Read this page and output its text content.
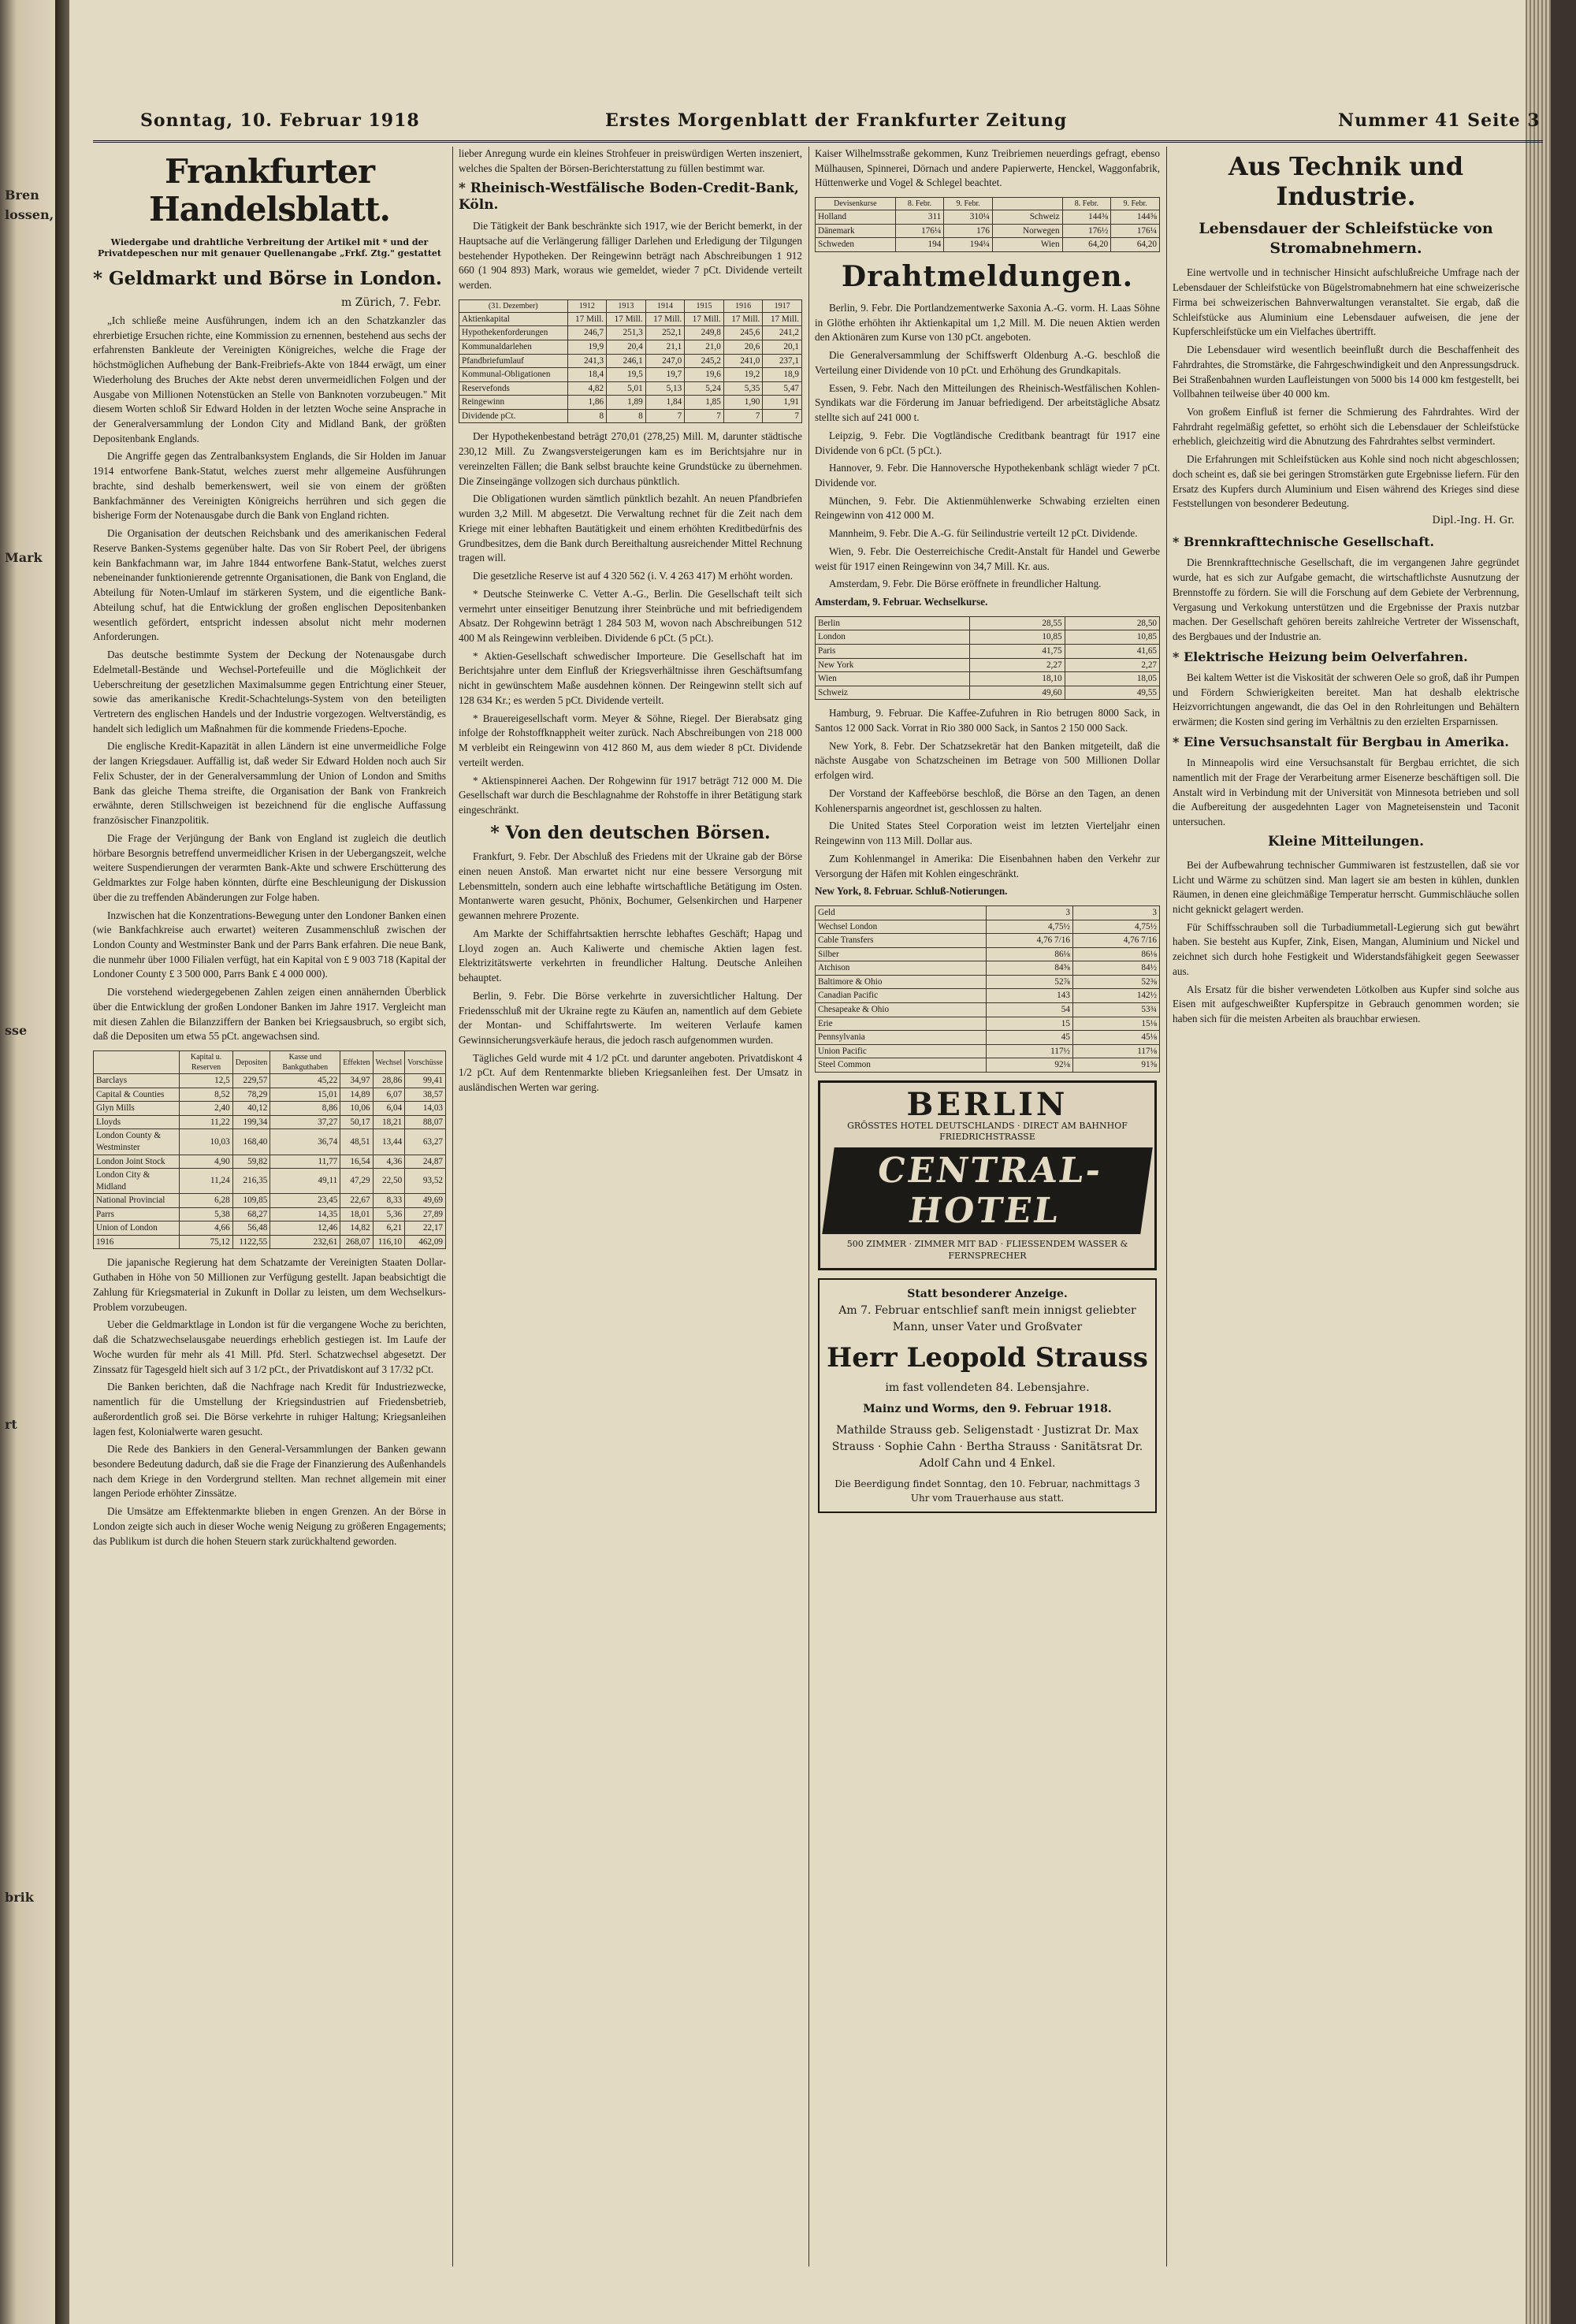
Bren
lossen,
Mark
sse
rt
brik
Sonntag, 10. Februar 1918	Erstes Morgenblatt der Frankfurter Zeitung	Nummer 41 Seite 3
Frankfurter Handelsblatt.
Wiedergabe und drahtliche Verbreitung der Artikel mit * und der Privatdepeschen nur mit genauer Quellenangabe „Frkf. Ztg." gestattet
* Geldmarkt und Börse in London.
m Zürich, 7. Febr.

„Ich schließe meine Ausführungen, indem ich an den Schatzkanzler das ehrerbietige Ersuchen richte, eine Kommission zu ernennen, bestehend aus sechs der erfahrensten Bankleute der Vereinigten Königreiches, welche die Frage der höchstmöglichen Aufhebung der Bank-Freibriefs-Akte von 1844 erwägt, um einer Wiederholung des Bruches der Akte nebst deren unvermeidlichen Folgen und der Ausgabe von Millionen Notenstücken an Stelle von Banknoten vorzubeugen." Mit diesem Worten schloß Sir Edward Holden in der letzten Woche seine Ansprache in der Generalversammlung der London City and Midland Bank, der größten Depositenbank Englands.

Die Angriffe gegen das Zentralbanksystem Englands, die Sir Holden im Januar 1914 entworfene Bank-Statut, welches zuerst mehr allgemeine Ausführungen brachte, sind deshalb bemerkenswert, weil sie von einem der größten Bankfachmänner des Vereinigten Königreichs herrühren und sich gegen die bisherige Form der Notenausgabe durch die Bank von England richten.

Die Organisation der deutschen Reichsbank und des amerikanischen Federal Reserve Banken-Systems gegenüber halte. Das von Sir Robert Peel, der übrigens kein Bankfachmann war, im Jahre 1844 entworfene Bank-Statut, welches zuerst nebeneinander funktionierende getrennte Organisationen, die Bank von England, die Abteilung für Noten-Umlauf im stärkeren System, und die eigentliche Bank-Abteilung schuf, hat die Entwicklung der großen englischen Depositenbanken wesentlich gefördert, entspricht indessen absolut nicht mehr modernen Anforderungen.

Das deutsche bestimmte System der Deckung der Notenausgabe durch Edelmetall-Bestände und Wechsel-Portefeuille und die Möglichkeit der Ueberschreitung der gesetzlichen Maximalsumme gegen Entrichtung einer Steuer, sowie das amerikanische Kredit-Schachtelungs-System von den beteiligten Vertretern des englischen Handels und der Industrie vorgezogen. Weltverständig, es handelt sich lediglich um Maßnahmen für die kommende Friedens-Epoche.

Die englische Kredit-Kapazität in allen Ländern ist eine unvermeidliche Folge der langen Kriegsdauer. Auffällig ist, daß weder Sir Edward Holden noch auch Sir Felix Schuster, der in der Generalversammlung der Union of London and Smiths Bank das gleiche Thema streifte, die Organisation der Bank von Frankreich erwähnte, deren Stillschweigen ist bezeichnend für die englische Auffassung französischer Finanzpolitik.

Die Frage der Verjüngung der Bank von England ist zugleich die deutlich hörbare Besorgnis betreffend unvermeidlicher Krisen in der Uebergangszeit, welche weitere Suspendierungen der verarmten Bank-Akte und schwere Erschütterung des Geldmarktes zur Folge haben könnten, dürfte eine Beschleunigung der Diskussion über die zu treffenden Abänderungen zur Folge haben.

Inzwischen hat die Konzentrations-Bewegung unter den Londoner Banken einen (wie Bankfachkreise auch erwartet) weiteren Zusammenschluß zwischen der London County and Westminster Bank und der Parrs Bank erfahren. Die neue Bank, die nunmehr über 1000 Filialen verfügt, hat ein Kapital von £ 9 003 718 (Kapital der Londoner County £ 3 500 000, Parrs Bank £ 4 000 000).

Die vorstehend wiedergegebenen Zahlen zeigen einen annähernden Überblick über die Entwicklung der großen Londoner Banken im Jahre 1917. Vergleicht man mit diesen Zahlen die Bilanzziffern der Banken bei Kriegsausbruch, so ergibt sich, daß die Depositen um etwa 55 pCt. angewachsen sind.

	Kapital u. Reserven	Depositen	Kasse und Bankguthaben	Effekten	Wechsel	Vorschüsse
Barclays	12,5	229,57	45,22	34,97	28,86	99,41
Capital & Counties	8,52	78,29	15,01	14,89	6,07	38,57
Glyn Mills	2,40	40,12	8,86	10,06	6,04	14,03
Lloyds	11,22	199,34	37,27	50,17	18,21	88,07
London County & Westminster	10,03	168,40	36,74	48,51	13,44	63,27
London Joint Stock	4,90	59,82	11,77	16,54	4,36	24,87
London City & Midland	11,24	216,35	49,11	47,29	22,50	93,52
National Provincial	6,28	109,85	23,45	22,67	8,33	49,69
Parrs	5,38	68,27	14,35	18,01	5,36	27,89
Union of London	4,66	56,48	12,46	14,82	6,21	22,17
1916	75,12	1122,55	232,61	268,07	116,10	462,09

Die japanische Regierung hat dem Schatzamte der Vereinigten Staaten Dollar-Guthaben in Höhe von 50 Millionen zur Verfügung gestellt. Japan beabsichtigt die Zahlung für Kriegsmaterial in Zukunft in Dollar zu leisten, um dem Wechselkurs-Problem vorzubeugen.

Ueber die Geldmarktlage in London ist für die vergangene Woche zu berichten, daß die Schatzwechselausgabe neuerdings erheblich gestiegen ist. Im Laufe der Woche wurden für mehr als 41 Mill. Pfd. Sterl. Schatzwechsel abgesetzt. Der Zinssatz für Tagesgeld hielt sich auf 3 1/2 pCt., der Privatdiskont auf 3 17/32 pCt.

Die Banken berichten, daß die Nachfrage nach Kredit für Industriezwecke, namentlich für die Umstellung der Kriegsindustrien auf Friedensbetrieb, außerordentlich groß sei. Die Börse verkehrte in ruhiger Haltung; Kriegsanleihen lagen fest, Kolonialwerte waren gesucht.

Die Rede des Bankiers in den General-Versammlungen der Banken gewann besondere Bedeutung dadurch, daß sie die Frage der Finanzierung des Außenhandels nach dem Kriege in den Vordergrund stellten. Man rechnet allgemein mit einer langen Periode erhöhter Zinssätze.

Die Umsätze am Effektenmarkte blieben in engen Grenzen. An der Börse in London zeigte sich auch in dieser Woche wenig Neigung zu größeren Engagements; das Publikum ist durch die hohen Steuern stark zurückhaltend geworden.

lieber Anregung wurde ein kleines Strohfeuer in preiswürdigen Werten inszeniert, welches die Spalten der Börsen-Berichterstattung zu füllen bestimmt war.

* Rheinisch-Westfälische Boden-Credit-Bank, Köln.

Die Tätigkeit der Bank beschränkte sich 1917, wie der Bericht bemerkt, in der Hauptsache auf die Verlängerung fälliger Darlehen und Erledigung der Tilgungen bestehender Hypotheken. Der Reingewinn beträgt nach Abschreibungen 1 912 660 (1 904 893) Mark, woraus wie gemeldet, wieder 7 pCt. Dividende verteilt werden.

(31. Dezember)	1912	1913	1914	1915	1916	1917
Aktienkapital	17 Mill.	17 Mill.	17 Mill.	17 Mill.	17 Mill.	17 Mill.
Hypothekenforderungen	246,7	251,3	252,1	249,8	245,6	241,2
Kommunaldarlehen	19,9	20,4	21,1	21,0	20,6	20,1
Pfandbriefumlauf	241,3	246,1	247,0	245,2	241,0	237,1
Kommunal-Obligationen	18,4	19,5	19,7	19,6	19,2	18,9
Reservefonds	4,82	5,01	5,13	5,24	5,35	5,47
Reingewinn	1,86	1,89	1,84	1,85	1,90	1,91
Dividende pCt.	8	8	7	7	7	7

Der Hypothekenbestand beträgt 270,01 (278,25) Mill. M, darunter städtische 230,12 Mill. Zu Zwangsversteigerungen kam es im Berichtsjahre nur in vereinzelten Fällen; die Bank selbst brauchte keine Grundstücke zu übernehmen. Die Zinseingänge vollzogen sich durchaus pünktlich.

Die Obligationen wurden sämtlich pünktlich bezahlt. An neuen Pfandbriefen wurden 3,2 Mill. M abgesetzt. Die Verwaltung rechnet für die Zeit nach dem Kriege mit einer lebhaften Bautätigkeit und einem erhöhten Kreditbedürfnis des Grundbesitzes, dem die Bank durch Bereithaltung ausreichender Mittel Rechnung tragen will.

Die gesetzliche Reserve ist auf 4 320 562 (i. V. 4 263 417) M erhöht worden.

* Deutsche Steinwerke C. Vetter A.-G., Berlin. Die Gesellschaft teilt sich vermehrt unter einseitiger Benutzung ihrer Steinbrüche und mit befriedigendem Absatz. Der Rohgewinn beträgt 1 284 503 M, wovon nach Abschreibungen 512 400 M als Reingewinn verbleiben. Dividende 6 pCt. (5 pCt.).

* Aktien-Gesellschaft schwedischer Importeure. Die Gesellschaft hat im Berichtsjahre unter dem Einfluß der Kriegsverhältnisse ihren Geschäftsumfang nicht in gewünschtem Maße ausdehnen können. Der Reingewinn stellt sich auf 128 634 Kr.; es werden 5 pCt. Dividende verteilt.

* Brauereigesellschaft vorm. Meyer & Söhne, Riegel. Der Bierabsatz ging infolge der Rohstoffknappheit weiter zurück. Nach Abschreibungen von 218 000 M verbleibt ein Reingewinn von 412 860 M, aus dem wieder 8 pCt. Dividende verteilt werden.

* Aktienspinnerei Aachen. Der Rohgewinn für 1917 beträgt 712 000 M. Die Gesellschaft war durch die Beschlagnahme der Rohstoffe in ihrer Betätigung stark eingeschränkt.

* Von den deutschen Börsen.

Frankfurt, 9. Febr. Der Abschluß des Friedens mit der Ukraine gab der Börse einen neuen Anstoß. Man erwartet nicht nur eine bessere Versorgung mit Lebensmitteln, sondern auch eine lebhafte wirtschaftliche Betätigung im Osten. Montanwerte waren gesucht, Phönix, Bochumer, Gelsenkirchen und Harpener gewannen mehrere Prozente.

Am Markte der Schiffahrtsaktien herrschte lebhaftes Geschäft; Hapag und Lloyd zogen an. Auch Kaliwerte und chemische Aktien lagen fest. Elektrizitätswerte verkehrten in freundlicher Haltung. Deutsche Anleihen behauptet.

Berlin, 9. Febr. Die Börse verkehrte in zuversichtlicher Haltung. Der Friedensschluß mit der Ukraine regte zu Käufen an, namentlich auf dem Gebiete der Montan- und Schiffahrtswerte. Im weiteren Verlaufe kamen Gewinnsicherungsverkäufe heraus, die jedoch rasch aufgenommen wurden.

Tägliches Geld wurde mit 4 1/2 pCt. und darunter angeboten. Privatdiskont 4 1/2 pCt. Auf dem Rentenmarkte blieben Kriegsanleihen fest. Der Umsatz in ausländischen Werten war gering.

Kaiser Wilhelmsstraße gekommen, Kunz Treibriemen neuerdings gefragt, ebenso Mülhausen, Spinnerei, Dörnach und andere Papierwerte, Henckel, Waggonfabrik, Hüttenwerke und Vogel & Schlegel beachtet.

Devisenkurse	8. Febr.	9. Febr.		8. Febr.	9. Febr.
Holland	311	310¼	Schweiz	144⅜	144⅝
Dänemark	176¼	176	Norwegen	176½	176¼
Schweden	194	194¼	Wien	64,20	64,20
Drahtmeldungen.

Berlin, 9. Febr. Die Portlandzementwerke Saxonia A.-G. vorm. H. Laas Söhne in Glöthe erhöhten ihr Aktienkapital um 1,2 Mill. M. Die neuen Aktien werden den Aktionären zum Kurse von 130 pCt. angeboten.

Die Generalversammlung der Schiffswerft Oldenburg A.-G. beschloß die Verteilung einer Dividende von 10 pCt. und Erhöhung des Grundkapitals.

Essen, 9. Febr. Nach den Mitteilungen des Rheinisch-Westfälischen Kohlen-Syndikats war die Förderung im Januar befriedigend. Der arbeitstägliche Absatz stellte sich auf 241 000 t.

Leipzig, 9. Febr. Die Vogtländische Creditbank beantragt für 1917 eine Dividende von 6 pCt. (5 pCt.).

Hannover, 9. Febr. Die Hannoversche Hypothekenbank schlägt wieder 7 pCt. Dividende vor.

München, 9. Febr. Die Aktienmühlenwerke Schwabing erzielten einen Reingewinn von 412 000 M.

Mannheim, 9. Febr. Die A.-G. für Seilindustrie verteilt 12 pCt. Dividende.

Wien, 9. Febr. Die Oesterreichische Credit-Anstalt für Handel und Gewerbe weist für 1917 einen Reingewinn von 34,7 Mill. Kr. aus.

Amsterdam, 9. Febr. Die Börse eröffnete in freundlicher Haltung.

Amsterdam, 9. Februar. Wechselkurse.

Berlin	28,55	28,50
London	10,85	10,85
Paris	41,75	41,65
New York	2,27	2,27
Wien	18,10	18,05
Schweiz	49,60	49,55

Hamburg, 9. Februar. Die Kaffee-Zufuhren in Rio betrugen 8000 Sack, in Santos 12 000 Sack. Vorrat in Rio 380 000 Sack, in Santos 2 150 000 Sack.

New York, 8. Febr. Der Schatzsekretär hat den Banken mitgeteilt, daß die nächste Ausgabe von Schatzscheinen im Betrage von 500 Millionen Dollar erfolgen wird.

Der Vorstand der Kaffeebörse beschloß, die Börse an den Tagen, an denen Kohlenersparnis angeordnet ist, geschlossen zu halten.

Die United States Steel Corporation weist im letzten Vierteljahr einen Reingewinn von 113 Mill. Dollar aus.

Zum Kohlenmangel in Amerika: Die Eisenbahnen haben den Verkehr zur Versorgung der Häfen mit Kohlen eingeschränkt.

New York, 8. Februar. Schluß-Notierungen.

Geld	3	3
Wechsel London	4,75½	4,75½
Cable Transfers	4,76 7/16	4,76 7/16
Silber	86⅛	86⅛
Atchison	84⅝	84½
Baltimore & Ohio	52⅞	52⅜
Canadian Pacific	143	142½
Chesapeake & Ohio	54	53¾
Erie	15	15⅛
Pennsylvania	45	45⅛
Union Pacific	117½	117⅛
Steel Common	92⅛	91⅝
BERLIN
GRÖSSTES HOTEL DEUTSCHLANDS · DIRECT AM BAHNHOF FRIEDRICHSTRASSE
CENTRAL-HOTEL
500 ZIMMER · ZIMMER MIT BAD · FLIESSENDEM WASSER & FERNSPRECHER
Statt besonderer Anzeige.
Am 7. Februar entschlief sanft mein innigst geliebter Mann, unser Vater und Großvater
Herr Leopold Strauss
im fast vollendeten 84. Lebensjahre.
Mainz und Worms, den 9. Februar 1918.
Mathilde Strauss geb. Seligenstadt · Justizrat Dr. Max Strauss · Sophie Cahn · Bertha Strauss · Sanitätsrat Dr. Adolf Cahn und 4 Enkel.
Die Beerdigung findet Sonntag, den 10. Februar, nachmittags 3 Uhr vom Trauerhause aus statt.
Aus Technik und Industrie.
Lebensdauer der Schleifstücke von Stromabnehmern.

Eine wertvolle und in technischer Hinsicht aufschlußreiche Umfrage nach der Lebensdauer der Schleifstücke von Bügelstromabnehmern hat eine schweizerische Firma bei schweizerischen Bahnverwaltungen veranstaltet. Sie ergab, daß die Schleifstücke aus Aluminium eine Lebensdauer aufweisen, die jene der Kupferschleifstücke um ein Vielfaches übertrifft.

Die Lebensdauer wird wesentlich beeinflußt durch die Beschaffenheit des Fahrdrahtes, die Stromstärke, die Fahrgeschwindigkeit und den Anpressungsdruck. Bei Straßenbahnen wurden Laufleistungen von 5000 bis 14 000 km festgestellt, bei Vollbahnen teilweise über 40 000 km.

Von großem Einfluß ist ferner die Schmierung des Fahrdrahtes. Wird der Fahrdraht regelmäßig gefettet, so erhöht sich die Lebensdauer der Schleifstücke erheblich, gleichzeitig wird die Abnutzung des Fahrdrahtes selbst vermindert.

Die Erfahrungen mit Schleifstücken aus Kohle sind noch nicht abgeschlossen; doch scheint es, daß sie bei geringen Stromstärken gute Ergebnisse liefern. Für den Ersatz des Kupfers durch Aluminium und Eisen während des Krieges sind diese Feststellungen von besonderer Bedeutung.

Dipl.-Ing. H. Gr.
* Brennkrafttechnische Gesellschaft.

Die Brennkrafttechnische Gesellschaft, die im vergangenen Jahre gegründet wurde, hat es sich zur Aufgabe gemacht, die wirtschaftlichste Ausnutzung der Brennstoffe zu fördern. Sie will die Forschung auf dem Gebiete der Verbrennung, Vergasung und Verkokung unterstützen und die Ergebnisse der Praxis nutzbar machen. Der Gesellschaft gehören bereits zahlreiche Vertreter der Wissenschaft, des Bergbaues und der Industrie an.

* Elektrische Heizung beim Oelverfahren.

Bei kaltem Wetter ist die Viskosität der schweren Oele so groß, daß ihr Pumpen und Fördern Schwierigkeiten bereitet. Man hat deshalb elektrische Heizvorrichtungen angewandt, die das Oel in den Rohrleitungen und Behältern erwärmen; die Kosten sind gering im Verhältnis zu den erzielten Ersparnissen.

* Eine Versuchsanstalt für Bergbau in Amerika.

In Minneapolis wird eine Versuchsanstalt für Bergbau errichtet, die sich namentlich mit der Frage der Verarbeitung armer Eisenerze beschäftigen soll. Die Anstalt wird in Verbindung mit der Universität von Minnesota betrieben und soll die Aufbereitung der ausgedehnten Lager von Magneteisenstein und Taconit untersuchen.

Kleine Mitteilungen.

Bei der Aufbewahrung technischer Gummiwaren ist festzustellen, daß sie vor Licht und Wärme zu schützen sind. Man lagert sie am besten in kühlen, dunklen Räumen, in denen eine gleichmäßige Temperatur herrscht. Gummischläuche sollen nicht geknickt gelagert werden.

Für Schiffsschrauben soll die Turbadiummetall-Legierung sich gut bewährt haben. Sie besteht aus Kupfer, Zink, Eisen, Mangan, Aluminium und Nickel und zeichnet sich durch hohe Festigkeit und Widerstandsfähigkeit gegen Seewasser aus.

Als Ersatz für die bisher verwendeten Lötkolben aus Kupfer sind solche aus Eisen mit aufgeschweißter Kupferspitze in Gebrauch genommen worden; sie haben sich für die meisten Arbeiten als brauchbar erwiesen.
